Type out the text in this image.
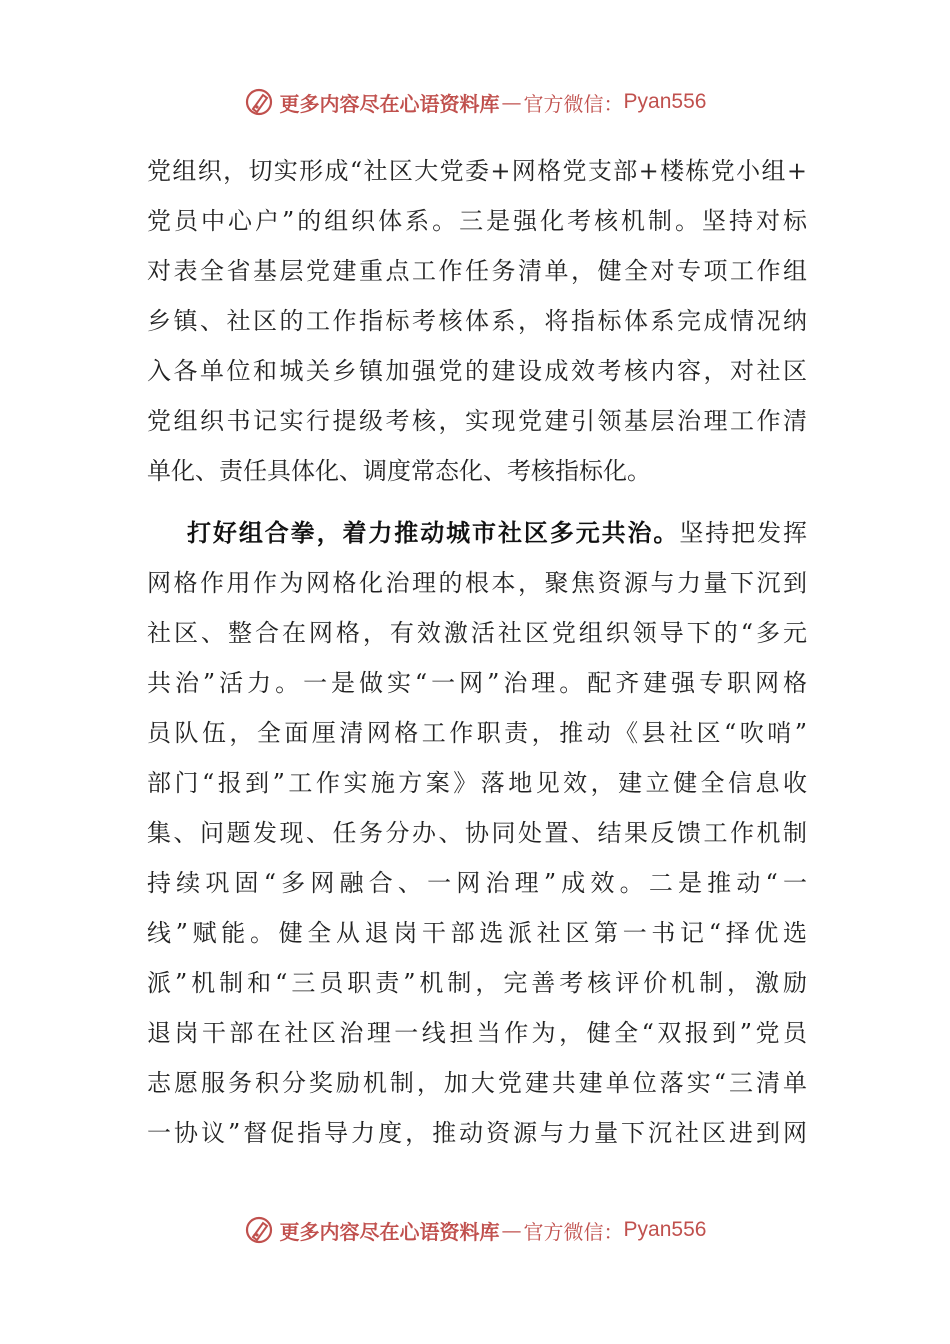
更多内容尽在心语资料库 — 官方微信： Pyan556
党组织，切实形成“社区大党委+网格党支部+楼栋党小组+
党员中心户”的组织体系。三是强化考核机制。坚持对标
对表全省基层党建重点工作任务清单，健全对专项工作组
乡镇、社区的工作指标考核体系，将指标体系完成情况纳
入各单位和城关乡镇加强党的建设成效考核内容，对社区
党组织书记实行提级考核，实现党建引领基层治理工作清
单化、责任具体化、调度常态化、考核指标化。
打好组合拳，着力推动城市社区多元共治。坚持把发挥
网格作用作为网格化治理的根本，聚焦资源与力量下沉到
社区、整合在网格，有效激活社区党组织领导下的“多元
共治”活力。一是做实“一网”治理。配齐建强专职网格
员队伍，全面厘清网格工作职责，推动《县社区“吹哨”
部门“报到”工作实施方案》落地见效，建立健全信息收
集、问题发现、任务分办、协同处置、结果反馈工作机制
持续巩固“多网融合、一网治理”成效。二是推动“一
线”赋能。健全从退岗干部选派社区第一书记“择优选
派”机制和“三员职责”机制，完善考核评价机制，激励
退岗干部在社区治理一线担当作为，健全“双报到”党员
志愿服务积分奖励机制，加大党建共建单位落实“三清单
一协议”督促指导力度，推动资源与力量下沉社区进到网
更多内容尽在心语资料库 — 官方微信： Pyan556
